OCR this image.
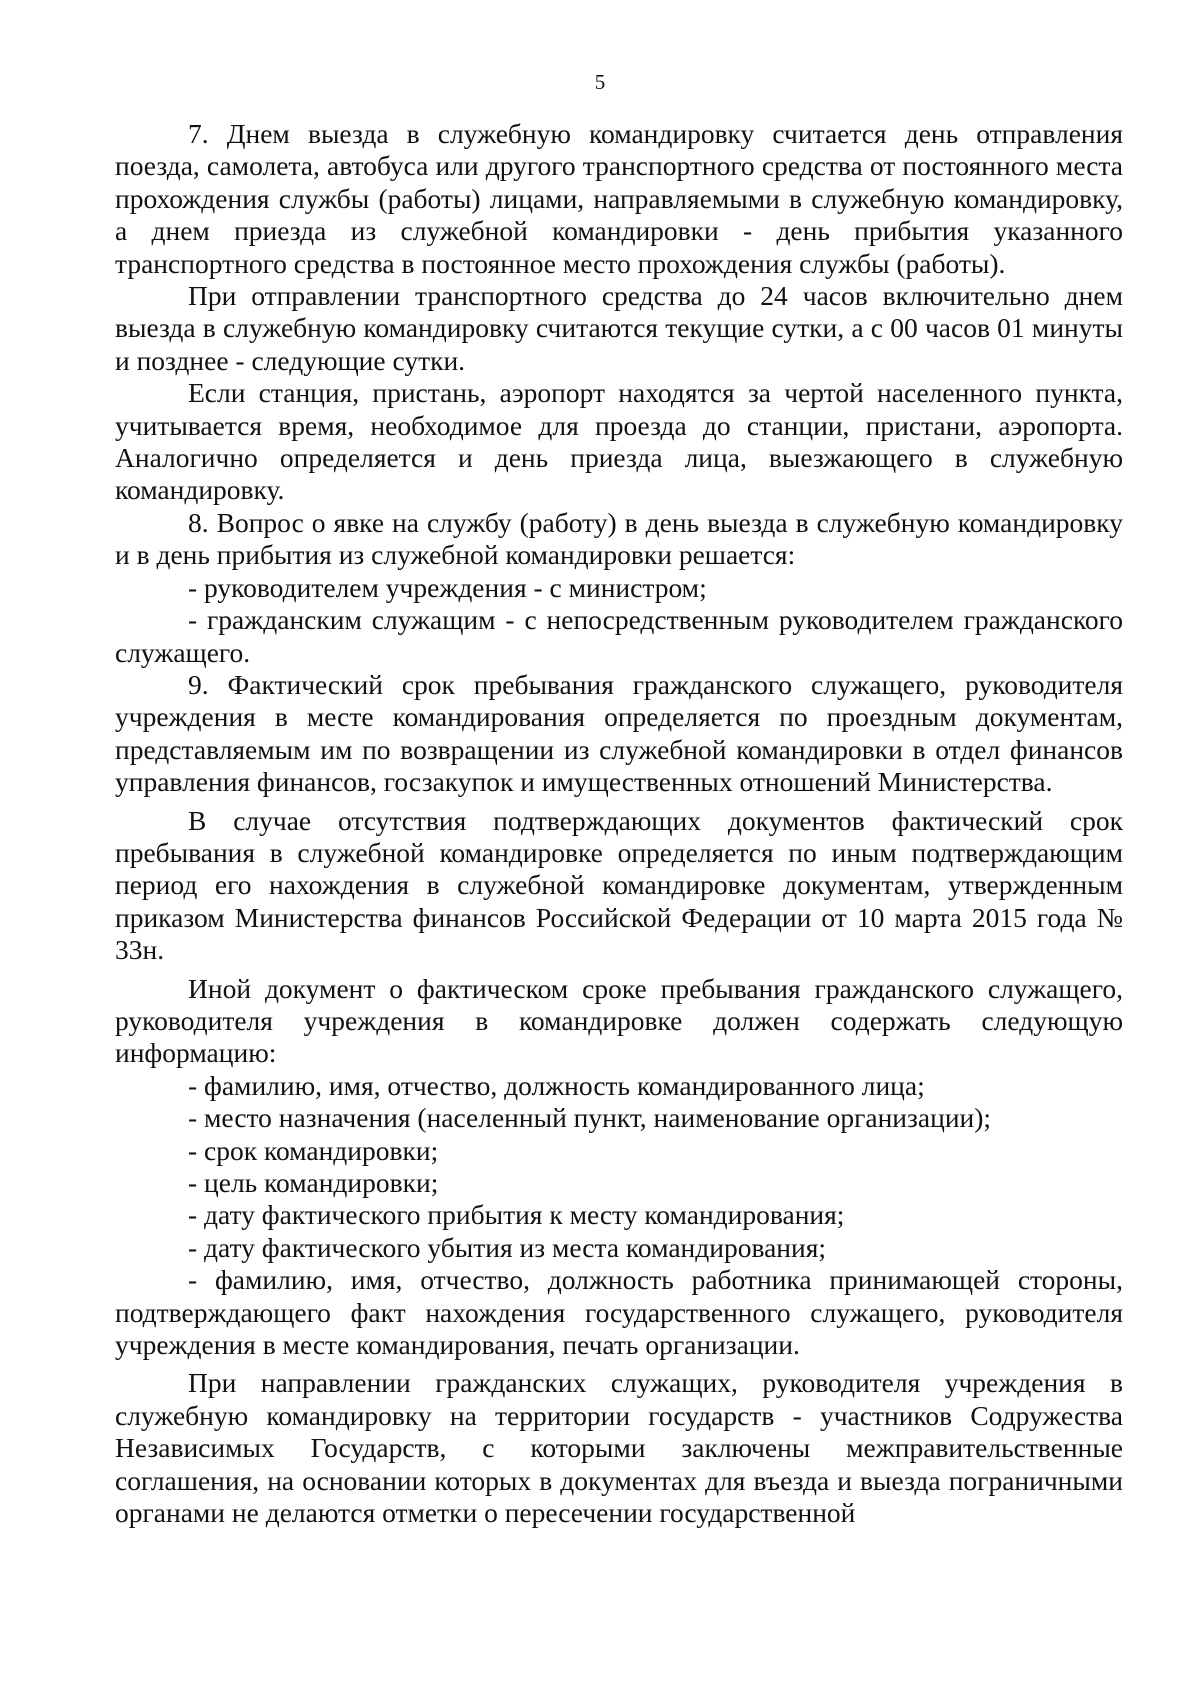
5

7. Днем выезда в служебную командировку считается день отправления поезда, самолета, автобуса или другого транспортного средства от постоянного места прохождения службы (работы) лицами, направляемыми в служебную командировку, а днем приезда из служебной командировки - день прибытия указанного транспортного средства в постоянное место прохождения службы (работы).

При отправлении транспортного средства до 24 часов включительно днем выезда в служебную командировку считаются текущие сутки, а с 00 часов 01 минуты и позднее - следующие сутки.

Если станция, пристань, аэропорт находятся за чертой населенного пункта, учитывается время, необходимое для проезда до станции, пристани, аэропорта. Аналогично определяется и день приезда лица, выезжающего в служебную командировку.

8. Вопрос о явке на службу (работу) в день выезда в служебную командировку и в день прибытия из служебной командировки решается:

- руководителем учреждения - с министром;

- гражданским служащим - с непосредственным руководителем гражданского служащего.

9. Фактический срок пребывания гражданского служащего, руководителя учреждения в месте командирования определяется по проездным документам, представляемым им по возвращении из служебной командировки в отдел финансов управления финансов, госзакупок и имущественных отношений Министерства.

В случае отсутствия подтверждающих документов фактический срок пребывания в служебной командировке определяется по иным подтверждающим период его нахождения в служебной командировке документам, утвержденным приказом Министерства финансов Российской Федерации от 10 марта 2015 года № 33н.

Иной документ о фактическом сроке пребывания гражданского служащего, руководителя учреждения в командировке должен содержать следующую информацию:

- фамилию, имя, отчество, должность командированного лица;

- место назначения (населенный пункт, наименование организации);

- срок командировки;

- цель командировки;

- дату фактического прибытия к месту командирования;

- дату фактического убытия из места командирования;

- фамилию, имя, отчество, должность работника принимающей стороны, подтверждающего факт нахождения государственного служащего, руководителя учреждения в месте командирования, печать организации.

При направлении гражданских служащих, руководителя учреждения в служебную командировку на территории государств - участников Содружества Независимых Государств, с которыми заключены межправительственные соглашения, на основании которых в документах для въезда и выезда пограничными органами не делаются отметки о пересечении государственной
